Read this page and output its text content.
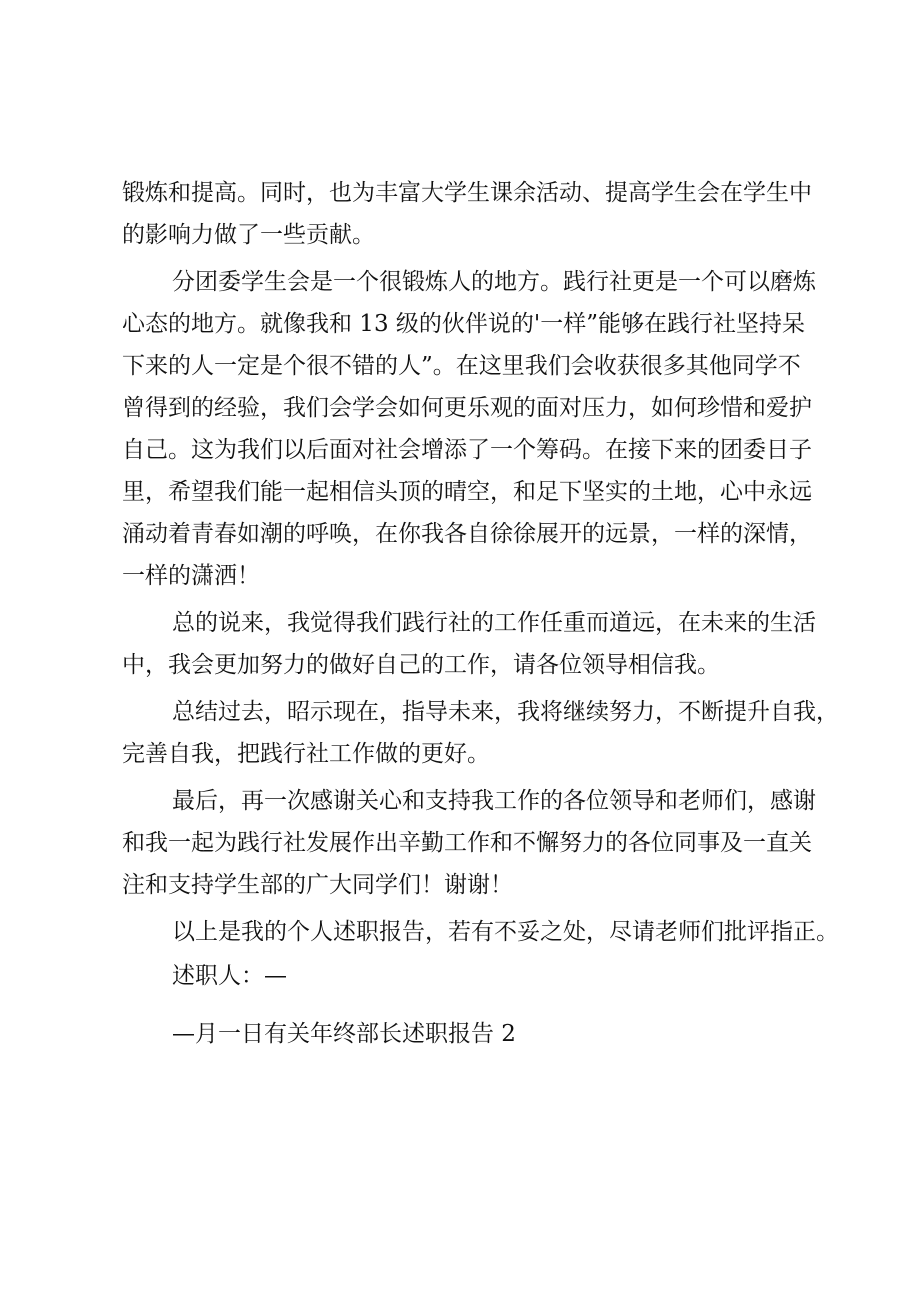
锻炼和提高。同时，也为丰富大学生课余活动、提高学生会在学生中
的影响力做了一些贡献。
分团委学生会是一个很锻炼人的地方。践行社更是一个可以磨炼
心态的地方。就像我和 13 级的伙伴说的'一样”能够在践行社坚持呆
下来的人一定是个很不错的人”。在这里我们会收获很多其他同学不
曾得到的经验，我们会学会如何更乐观的面对压力，如何珍惜和爱护
自己。这为我们以后面对社会增添了一个筹码。在接下来的团委日子
里，希望我们能一起相信头顶的晴空，和足下坚实的土地，心中永远
涌动着青春如潮的呼唤，在你我各自徐徐展开的远景，一样的深情，
一样的潇洒！
总的说来，我觉得我们践行社的工作任重而道远，在未来的生活
中，我会更加努力的做好自己的工作，请各位领导相信我。
总结过去，昭示现在，指导未来，我将继续努力，不断提升自我，
完善自我，把践行社工作做的更好。
最后，再一次感谢关心和支持我工作的各位领导和老师们，感谢
和我一起为践行社发展作出辛勤工作和不懈努力的各位同事及一直关
注和支持学生部的广大同学们！谢谢！
以上是我的个人述职报告，若有不妥之处，尽请老师们批评指正。
述职人：—
—月一日有关年终部长述职报告 2
